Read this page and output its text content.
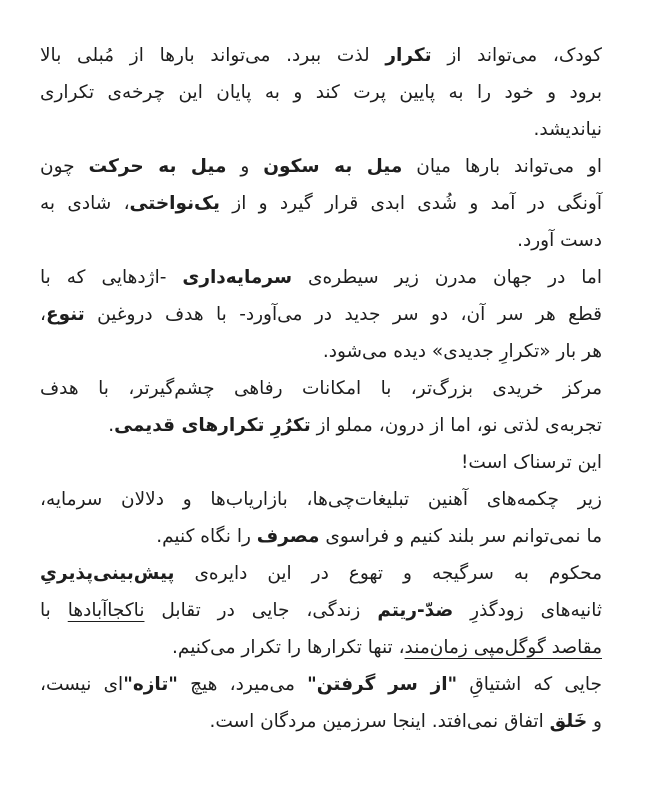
کودک، می‌تواند از تکرار لذت ببرد. می‌تواند بارها از مُبلی بالا
برود و خود را به پایین پرت کند و به پایان این چرخه‌ی تکراری
نیاندیشد.
او می‌تواند بارها میان میل به سکون و میل به حرکت چون
آونگی در آمد و شُدی ابدی قرار گیرد و از یک‌نواختی، شادی به
دست آورد.
اما در جهان مدرن زیر سیطره‌ی سرمایه‌داری -اژدهایی که با
قطع هر سر آن، دو سر جدید در می‌آورد- با هدف دروغین تنوع،
هر بار «تکرارِ جدیدی» دیده می‌شود.
مرکز خریدی بزرگ‌تر، با امکانات رفاهی چشم‌گیرتر، با هدف
تجربه‌ی لذتی نو، اما از درون، مملو از تکرُرِ تکرارهای قدیمی.
این ترسناک است!
زیر چکمه‌های آهنین تبلیغات‌چی‌ها، بازاریاب‌ها و دلالان سرمایه،
ما نمی‌توانم سر بلند کنیم و فراسوی مصرف را نگاه کنیم.
محکوم به سرگیجه و تهوع در این دایره‌ی پیش‌بینی‌پذیریِ
ثانیه‌های زودگذرِ ضدّ-ریتم زندگی، جایی در تقابل ناکجاآبادها با
مقاصد گوگل‌مپی زمان‌مند، تنها تکرارها را تکرار می‌کنیم.
جایی که اشتیاقِ "از سر گرفتن" می‌میرد، هیچ "تازه"ای نیست،
و خَلق اتفاق نمی‌افتد. اینجا سرزمین مردگان است.
